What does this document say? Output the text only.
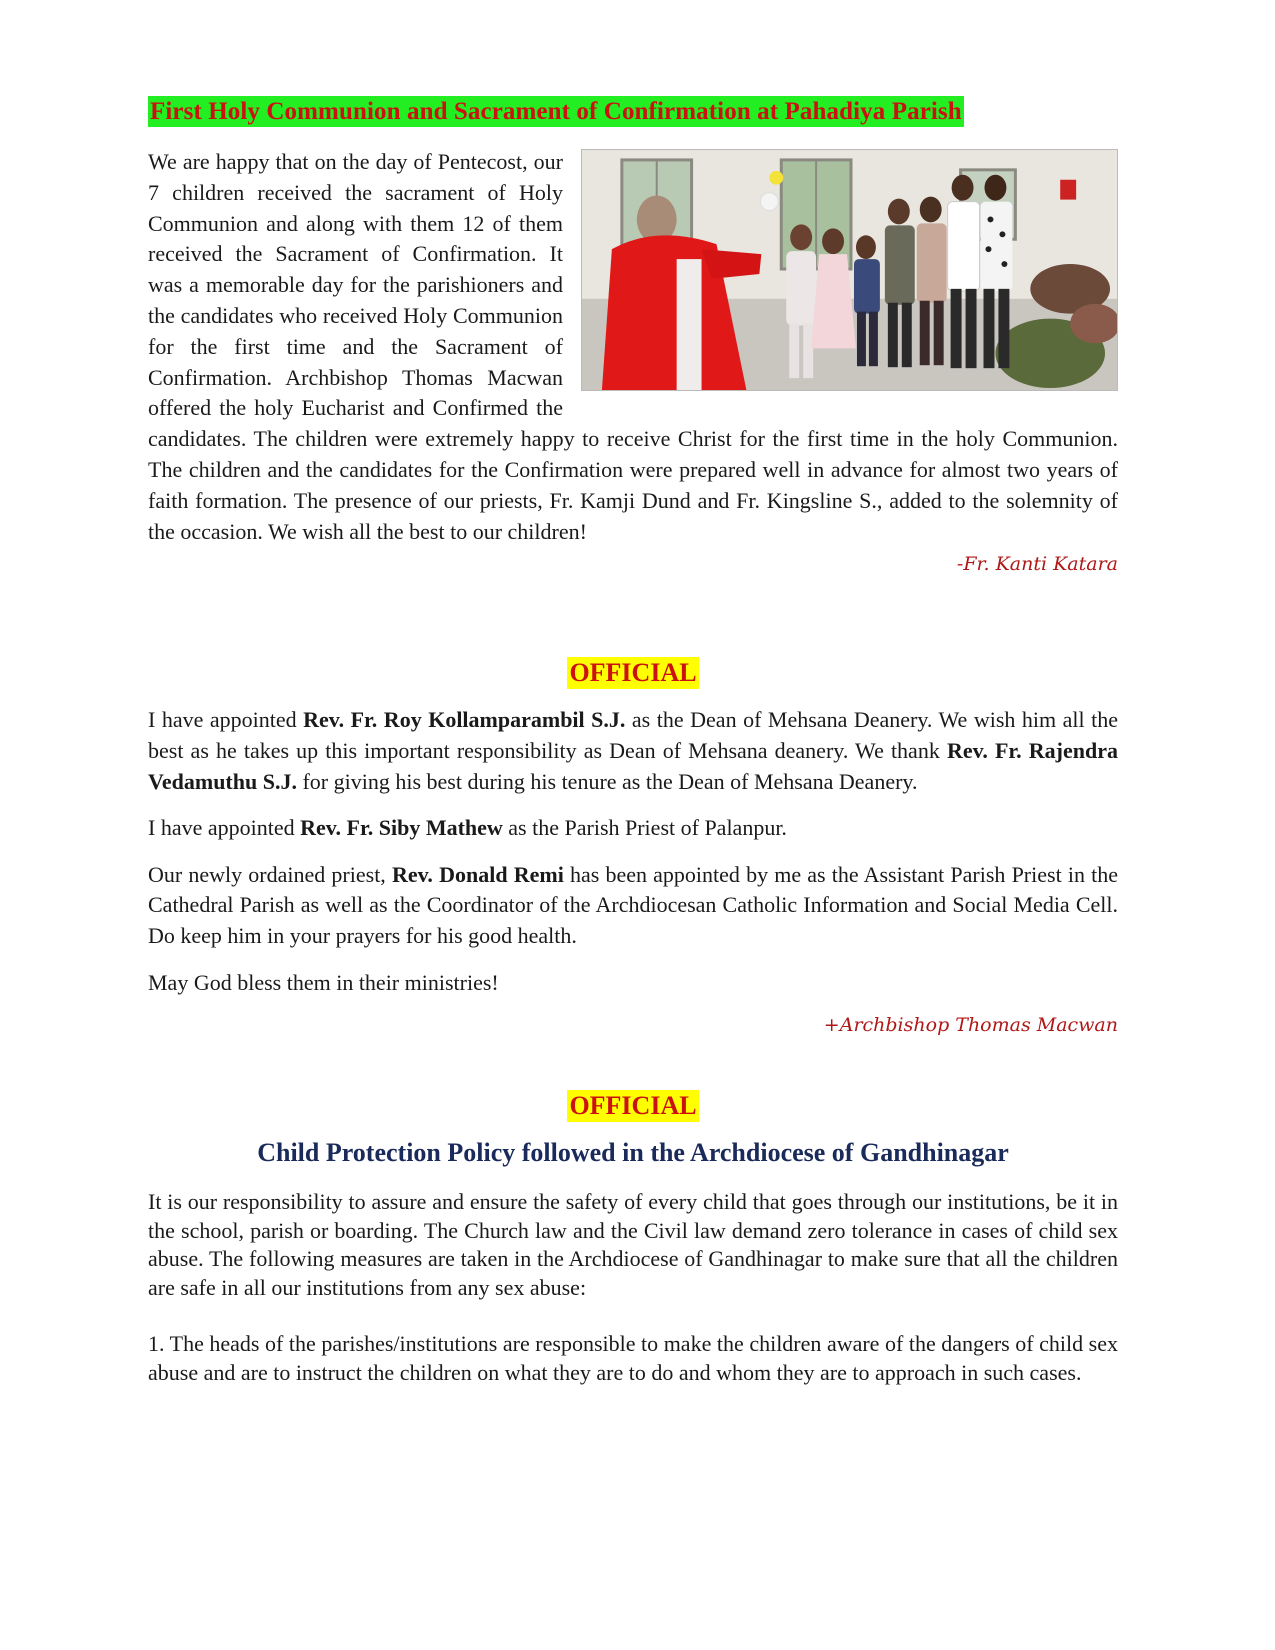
First Holy Communion and Sacrament of Confirmation at Pahadiya Parish
We are happy that on the day of Pentecost, our 7 children received the sacrament of Holy Communion and along with them 12 of them received the Sacrament of Confirmation. It was a memorable day for the parishioners and the candidates who received Holy Communion for the first time and the Sacrament of Confirmation. Archbishop Thomas Macwan offered the holy Eucharist and Confirmed the candidates. The children were extremely happy to receive Christ for the first time in the holy Communion. The children and the candidates for the Confirmation were prepared well in advance for almost two years of faith formation. The presence of our priests, Fr. Kamji Dund and Fr. Kingsline S., added to the solemnity of the occasion. We wish all the best to our children!
-Fr. Kanti Katara
OFFICIAL

I have appointed Rev. Fr. Roy Kollamparambil S.J. as the Dean of Mehsana Deanery. We wish him all the best as he takes up this important responsibility as Dean of Mehsana deanery. We thank Rev. Fr. Rajendra Vedamuthu S.J. for giving his best during his tenure as the Dean of Mehsana Deanery.

I have appointed Rev. Fr. Siby Mathew as the Parish Priest of Palanpur.

Our newly ordained priest, Rev. Donald Remi has been appointed by me as the Assistant Parish Priest in the Cathedral Parish as well as the Coordinator of the Archdiocesan Catholic Information and Social Media Cell. Do keep him in your prayers for his good health.

May God bless them in their ministries!

+Archbishop Thomas Macwan
OFFICIAL
Child Protection Policy followed in the Archdiocese of Gandhinagar

It is our responsibility to assure and ensure the safety of every child that goes through our institutions, be it in the school, parish or boarding. The Church law and the Civil law demand zero tolerance in cases of child sex abuse. The following measures are taken in the Archdiocese of Gandhinagar to make sure that all the children are safe in all our institutions from any sex abuse:

1. The heads of the parishes/institutions are responsible to make the children aware of the dangers of child sex abuse and are to instruct the children on what they are to do and whom they are to approach in such cases.
